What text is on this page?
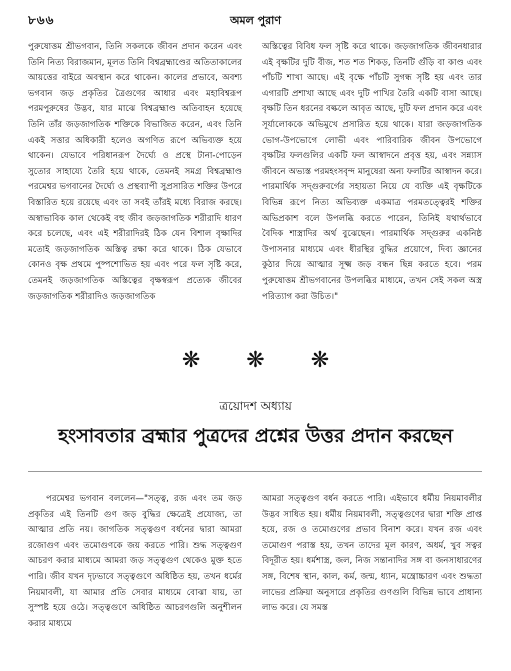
৮৬৬	অমল পুরাণ

পুরুষোত্তম শ্রীভগবান, তিনি সকলকে জীবন প্রদান করেন এবং তিনি নিত্য বিরাজমান, মূলত তিনি বিশ্বব্রহ্মাণ্ডের অতিতাকালের আয়ত্তের বাইরে অবস্থান করে থাকেন। কালের প্রভাবে, অবশ্য ভগবান জড় প্রকৃতির ত্রৈগুণের আধার এবং মহাবিশ্বরূপ পরমপুরুষের উদ্ভব, যার মাঝে বিশ্বব্রহ্মাণ্ড অতিবাহন হয়েছে তিনি তাঁর জড়জাগতিক শক্তিকে বিভাজিত করেন, এবং তিনি একই সত্তার অধিকারী হলেও অগণিত রূপে অভিব্যক্ত হয়ে থাকেন। যেভাবে পরিধানরূপ দৈর্ঘ্যে ও প্রস্থে টানা-পোড়েন সুতোর সাহায্যে তৈরি হয়ে থাকে, তেমনই সমগ্র বিশ্বব্রহ্মাণ্ড পরমেশ্বর ভগবানের দৈর্ঘ্যে ও প্রস্থব্যাপী সুপ্রসারিত শক্তির উপরে বিস্তারিত হয়ে রয়েছে এবং তা সবই তাঁরই মধ্যে বিরাজ করছে। অস্বাভাবিক কাল থেকেই বহু জীব জড়জাগতিক শরীরাদি ধারণ করে চলেছে, এবং এই শরীরাদিরই ঠিক যেন বিশাল বৃক্ষাদির মতোই জড়জাগতিক অস্তিত্ব রক্ষা করে থাকে। ঠিক যেভাবে কোনও বৃক্ষ প্রথমে পুষ্পশোভিত হয় এবং পরে ফল সৃষ্টি করে, তেমনই জড়জাগতিক অস্তিত্বের বৃক্ষস্বরূপ প্রত্যেক জীবের জড়জাগতিক শরীরাদিও জড়জাগতিক

অস্তিত্বের বিবিধ ফল সৃষ্টি করে থাকে। জড়জাগতিক জীবনধারার এই বৃক্ষটির দুটি বীজ, শত শত শিকড়, তিনটি গুঁড়ি বা কাণ্ড এবং পাঁচটি শাখা আছে। এই বৃক্ষে পাঁচটি সুগন্ধ সৃষ্টি হয় এবং তার এগারটি প্রশাখা আছে এবং দুটি পাখির তৈরি একটি বাসা আছে। বৃক্ষটি তিন ধরনের বল্কলে আবৃত আছে, দুটি ফল প্রদান করে এবং সূর্যালোককে অভিমুখে প্রসারিত হয়ে থাকে। যারা জড়জাগতিক ভোগ-উপভোগে লোভী এবং পারিবারিক জীবন উপভোগে বৃক্ষটির ফলগুলির একটি ফল আস্বাদনে প্রবৃত্ত হয়, এবং সন্ন্যাস জীবনে অভ্যস্ত পরমহংসবৃন্দ মানুষেরা অন্য ফলটির আস্বাদন করে। পারমার্থিক সদ্গুরুবর্গের সহায়তা নিয়ে যে ব্যক্তি এই বৃক্ষটিকে বিভিন্ন রূপে নিত্য অভিব্যক্ত একমাত্র পরমতত্ত্বেরই শক্তির অভিপ্রকাশ বলে উপলব্ধি করতে পারেন, তিনিই যথার্থভাবে বৈদিক শাস্ত্রাদির অর্থ বুঝেছেন। পারমার্থিক সদ্গুরুর একনিষ্ঠ উপাসনার মাধ্যমে এবং ধীরস্থির বুদ্ধির প্রয়োগে, দিব্য জ্ঞানের কুঠার দিয়ে আত্মার সূক্ষ্ম জড় বন্ধন ছিন্ন করতে হবে। পরম পুরুষোত্তম শ্রীভগবানের উপলব্ধির মাধ্যমে, তখন সেই সকল অস্ত্র পরিত্যাগ করা উচিত।"

❋❋❋
ত্রয়োদশ অধ্যায়
হংসাবতার ব্রহ্মার পুত্রদের প্রশ্নের উত্তর প্রদান করছেন

পরমেশ্বর ভগবান বললেন—"সত্ত্ব, রজ এবং তম জড় প্রকৃতির এই তিনটি গুণ জড় বুদ্ধির ক্ষেত্রেই প্রযোজ্য, তা আত্মার প্রতি নয়। জাগতিক সত্ত্বগুণ বর্ধনের দ্বারা আমরা রজোগুণ এবং তমোগুণকে জয় করতে পারি। শুদ্ধ সত্ত্বগুণ আচরণ করার মাধ্যমে আমরা জড় সত্ত্বগুণ থেকেও মুক্ত হতে পারি। জীব যখন দৃঢ়ভাবে সত্ত্বগুণে অধিষ্ঠিত হয়, তখন ধর্মের নিয়মাবলী, যা আমার প্রতি সেবার মাধ্যমে বোঝা যায়, তা সুস্পষ্ট হয়ে ওঠে। সত্ত্বগুণে অধিষ্ঠিত আচরণগুলি অনুশীলন করার মাধ্যমে

আমরা সত্ত্বগুণ বর্ধন করতে পারি। এইভাবে ধর্মীয় নিয়মাবলীর উদ্ভব সাধিত হয়। ধর্মীয় নিয়মাবলী, সত্ত্বগুণের দ্বারা শক্তি প্রাপ্ত হয়ে, রজ ও তমোগুণের প্রভাব বিনাশ করে। যখন রজ এবং তমোগুণ পরাস্ত হয়, তখন তাদের মূল কারণ, অধর্ম, খুব সত্বর বিদূরীত হয়। ধর্মশাস্ত্র, জল, নিজ সন্তানাদির সঙ্গ বা জনসাধারণের সঙ্গ, বিশেষ স্থান, কাল, কর্ম, জন্ম, ধ্যান, মন্ত্রোচ্চারণ এবং শুদ্ধতা লাভের প্রক্রিয়া অনুসারে প্রকৃতির গুণগুলি বিভিন্ন ভাবে প্রাধান্য লাভ করে। যে সমস্ত
